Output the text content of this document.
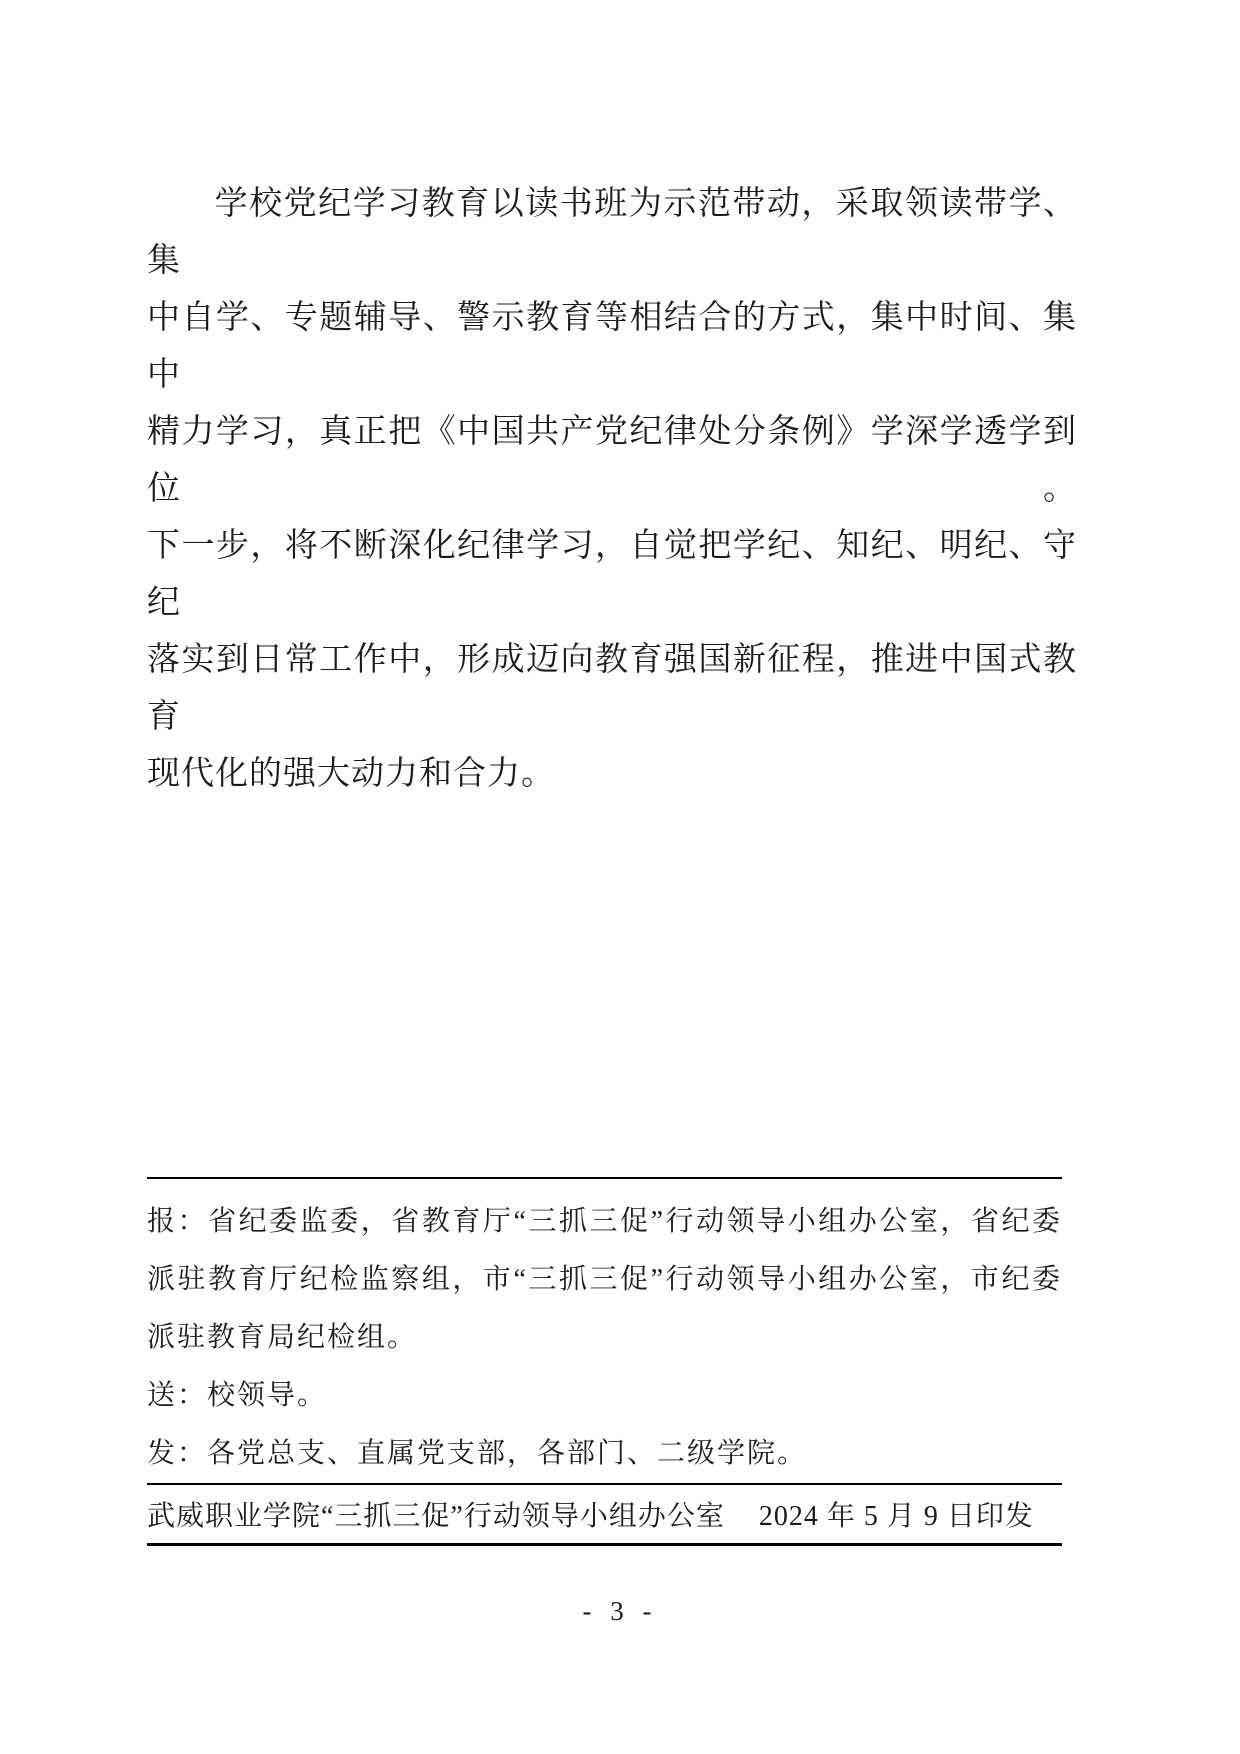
学校党纪学习教育以读书班为示范带动，采取领读带学、集

中自学、专题辅导、警示教育等相结合的方式，集中时间、集中

精力学习，真正把《中国共产党纪律处分条例》学深学透学到位。

下一步，将不断深化纪律学习，自觉把学纪、知纪、明纪、守纪

落实到日常工作中，形成迈向教育强国新征程，推进中国式教育

现代化的强大动力和合力。

报：省纪委监委，省教育厅“三抓三促”行动领导小组办公室，省纪委

派驻教育厅纪检监察组，市“三抓三促”行动领导小组办公室，市纪委

派驻教育局纪检组。

送：校领导。

发：各党总支、直属党支部，各部门、二级学院。

武威职业学院“三抓三促”行动领导小组办公室 2024 年 5 月 9 日印发
- 3 -
